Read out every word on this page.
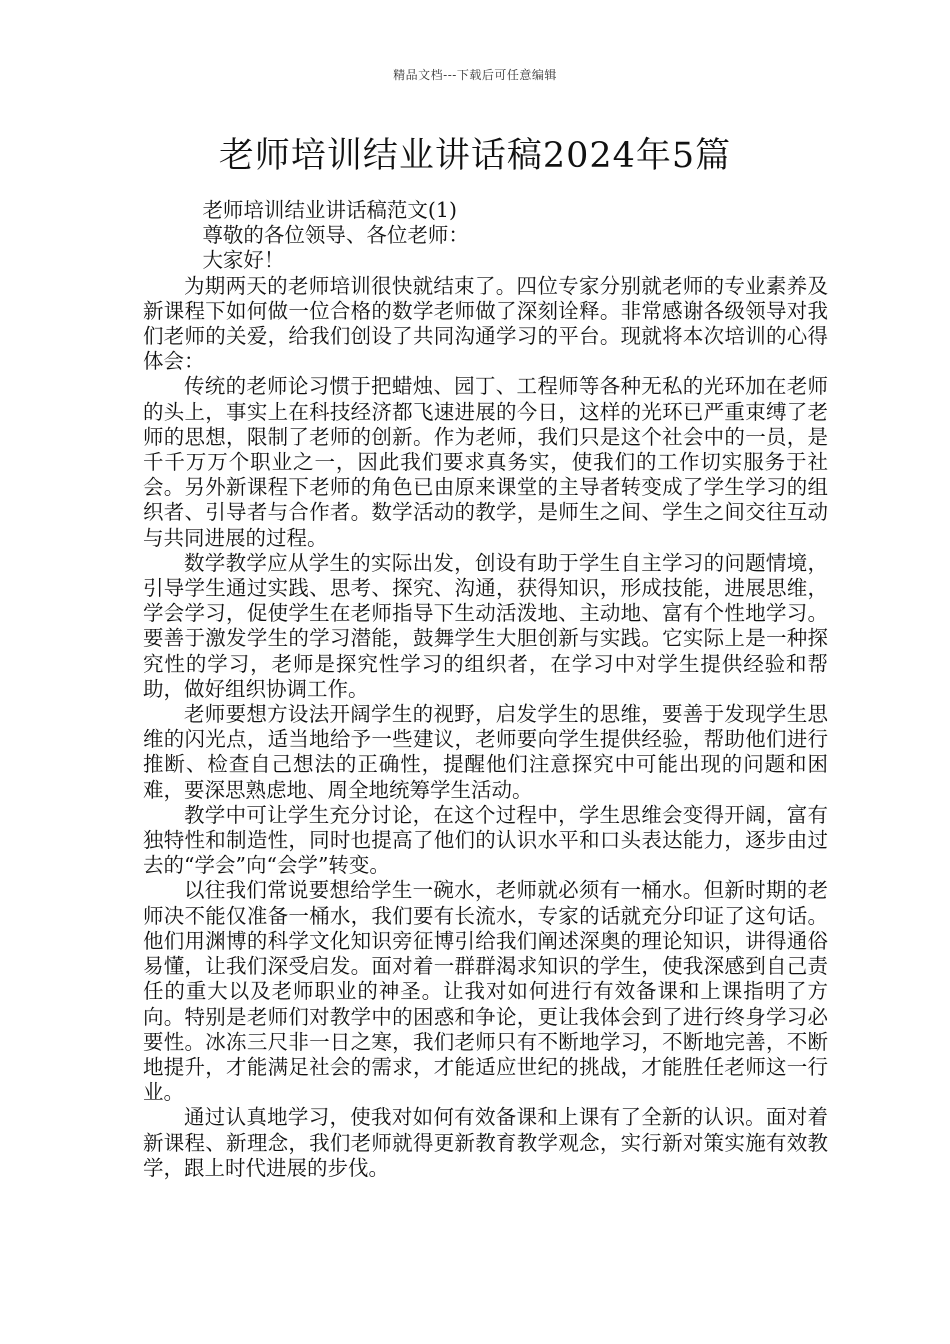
精品文档---下载后可任意编辑
老师培训结业讲话稿2024年5篇

老师培训结业讲话稿范文(1)

尊敬的各位领导、各位老师：

大家好！

为期两天的老师培训很快就结束了。四位专家分别就老师的专业素养及新课程下如何做一位合格的数学老师做了深刻诠释。非常感谢各级领导对我们老师的关爱，给我们创设了共同沟通学习的平台。现就将本次培训的心得体会：

传统的老师论习惯于把蜡烛、园丁、工程师等各种无私的光环加在老师的头上，事实上在科技经济都飞速进展的今日，这样的光环已严重束缚了老师的思想，限制了老师的创新。作为老师，我们只是这个社会中的一员，是千千万万个职业之一，因此我们要求真务实，使我们的工作切实服务于社会。另外新课程下老师的角色已由原来课堂的主导者转变成了学生学习的组织者、引导者与合作者。数学活动的教学，是师生之间、学生之间交往互动与共同进展的过程。

数学教学应从学生的实际出发，创设有助于学生自主学习的问题情境，引导学生通过实践、思考、探究、沟通，获得知识，形成技能，进展思维，学会学习，促使学生在老师指导下生动活泼地、主动地、富有个性地学习。要善于激发学生的学习潜能，鼓舞学生大胆创新与实践。它实际上是一种探究性的学习，老师是探究性学习的组织者，在学习中对学生提供经验和帮助，做好组织协调工作。

老师要想方设法开阔学生的视野，启发学生的思维，要善于发现学生思维的闪光点，适当地给予一些建议，老师要向学生提供经验，帮助他们进行推断、检查自己想法的正确性，提醒他们注意探究中可能出现的问题和困难，要深思熟虑地、周全地统筹学生活动。

教学中可让学生充分讨论，在这个过程中，学生思维会变得开阔，富有独特性和制造性，同时也提高了他们的认识水平和口头表达能力，逐步由过去的“学会”向“会学”转变。

以往我们常说要想给学生一碗水，老师就必须有一桶水。但新时期的老师决不能仅准备一桶水，我们要有长流水，专家的话就充分印证了这句话。他们用渊博的科学文化知识旁征博引给我们阐述深奥的理论知识，讲得通俗易懂，让我们深受启发。面对着一群群渴求知识的学生，使我深感到自己责任的重大以及老师职业的神圣。让我对如何进行有效备课和上课指明了方向。特别是老师们对教学中的困惑和争论，更让我体会到了进行终身学习必要性。冰冻三尺非一日之寒，我们老师只有不断地学习，不断地完善，不断地提升，才能满足社会的需求，才能适应世纪的挑战，才能胜任老师这一行业。

通过认真地学习，使我对如何有效备课和上课有了全新的认识。面对着新课程、新理念，我们老师就得更新教育教学观念，实行新对策实施有效教学，跟上时代进展的步伐。
